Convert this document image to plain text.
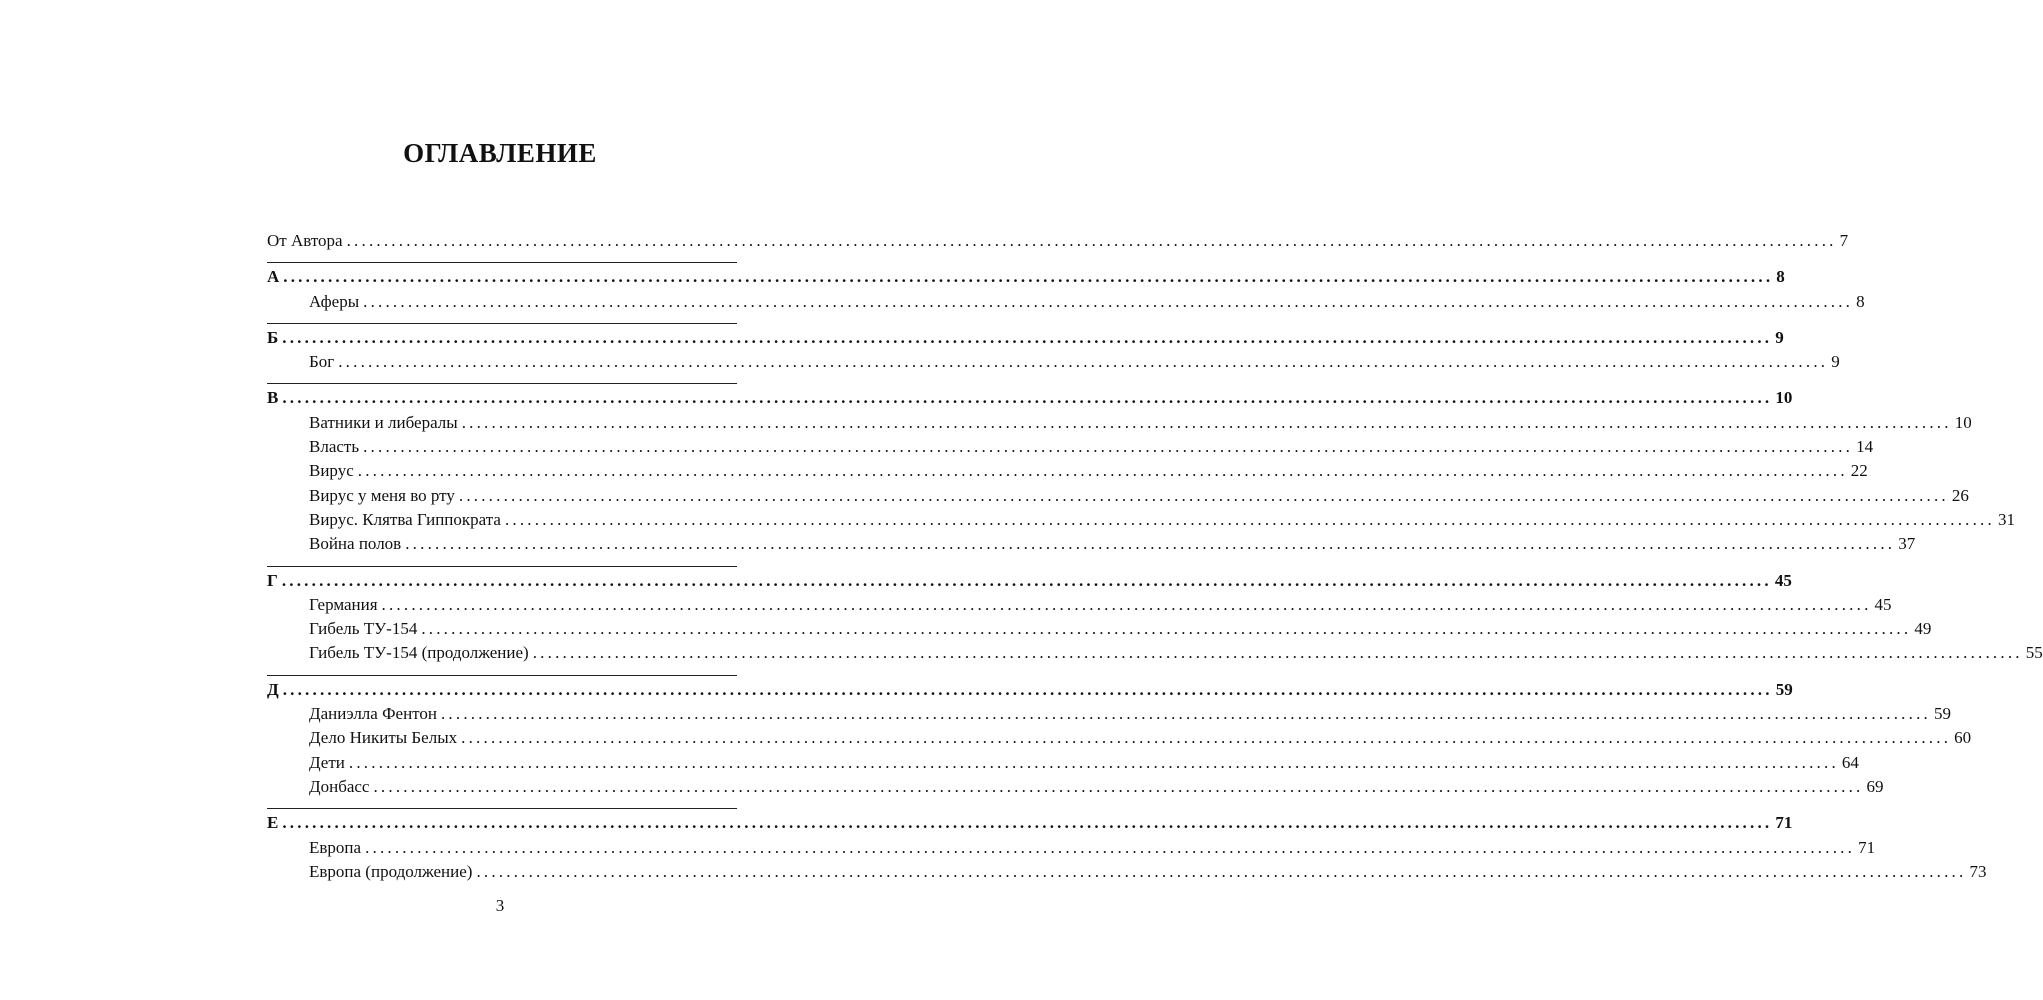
ОГЛАВЛЕНИЕ
От Автора ........................................................................................................................................................................................................ 7
А ........................................................................................................................................................................................................ 8
Аферы ........................................................................................................................................................................................................ 8
Б ........................................................................................................................................................................................................ 9
Бог ........................................................................................................................................................................................................ 9
В ........................................................................................................................................................................................................ 10
Ватники и либералы ........................................................................................................................................................................................................ 10
Власть ........................................................................................................................................................................................................ 14
Вирус ........................................................................................................................................................................................................ 22
Вирус у меня во рту ........................................................................................................................................................................................................ 26
Вирус. Клятва Гиппократа ........................................................................................................................................................................................................ 31
Война полов ........................................................................................................................................................................................................ 37
Г ........................................................................................................................................................................................................ 45
Германия ........................................................................................................................................................................................................ 45
Гибель ТУ-154 ........................................................................................................................................................................................................ 49
Гибель ТУ-154 (продолжение) ........................................................................................................................................................................................................ 55
Д ........................................................................................................................................................................................................ 59
Даниэлла Фентон ........................................................................................................................................................................................................ 59
Дело Никиты Белых ........................................................................................................................................................................................................ 60
Дети ........................................................................................................................................................................................................ 64
Донбасс ........................................................................................................................................................................................................ 69
Е ........................................................................................................................................................................................................ 71
Европа ........................................................................................................................................................................................................ 71
Европа (продолжение) ........................................................................................................................................................................................................ 73
3
